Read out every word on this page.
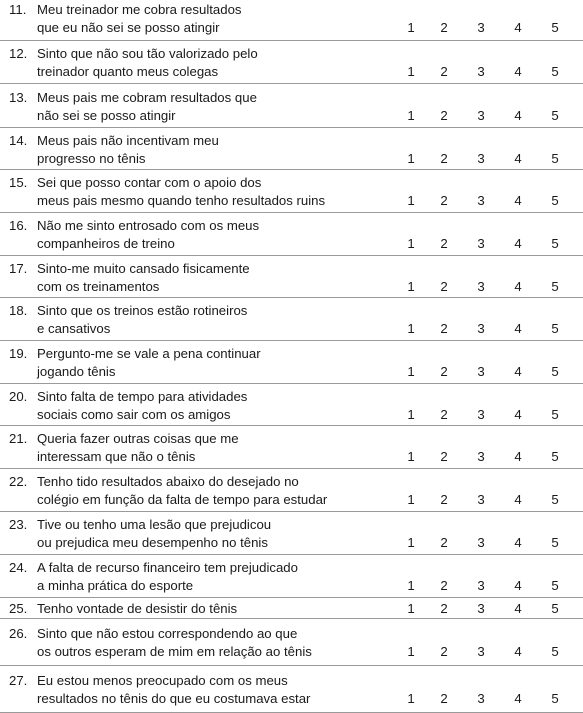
11. Meu treinador me cobra resultados
que eu não sei se posso atingir	1 2 3 4 5
12. Sinto que não sou tão valorizado pelo
treinador quanto meus colegas	1 2 3 4 5
13. Meus pais me cobram resultados que
não sei se posso atingir	1 2 3 4 5
14. Meus pais não incentivam meu
progresso no tênis	1 2 3 4 5
15. Sei que posso contar com o apoio dos
meus pais mesmo quando tenho resultados ruins	1 2 3 4 5
16. Não me sinto entrosado com os meus
companheiros de treino	1 2 3 4 5
17. Sinto-me muito cansado fisicamente
com os treinamentos	1 2 3 4 5
18. Sinto que os treinos estão rotineiros
e cansativos	1 2 3 4 5
19. Pergunto-me se vale a pena continuar
jogando tênis	1 2 3 4 5
20. Sinto falta de tempo para atividades
sociais como sair com os amigos	1 2 3 4 5
21. Queria fazer outras coisas que me
interessam que não o tênis	1 2 3 4 5
22. Tenho tido resultados abaixo do desejado no
colégio em função da falta de tempo para estudar	1 2 3 4 5
23. Tive ou tenho uma lesão que prejudicou
ou prejudica meu desempenho no tênis	1 2 3 4 5
24. A falta de recurso financeiro tem prejudicado
a minha prática do esporte	1 2 3 4 5
25. Tenho vontade de desistir do tênis	1 2 3 4 5
26. Sinto que não estou correspondendo ao que
os outros esperam de mim em relação ao tênis	1 2 3 4 5
27. Eu estou menos preocupado com os meus
resultados no tênis do que eu costumava estar	1 2 3 4 5
